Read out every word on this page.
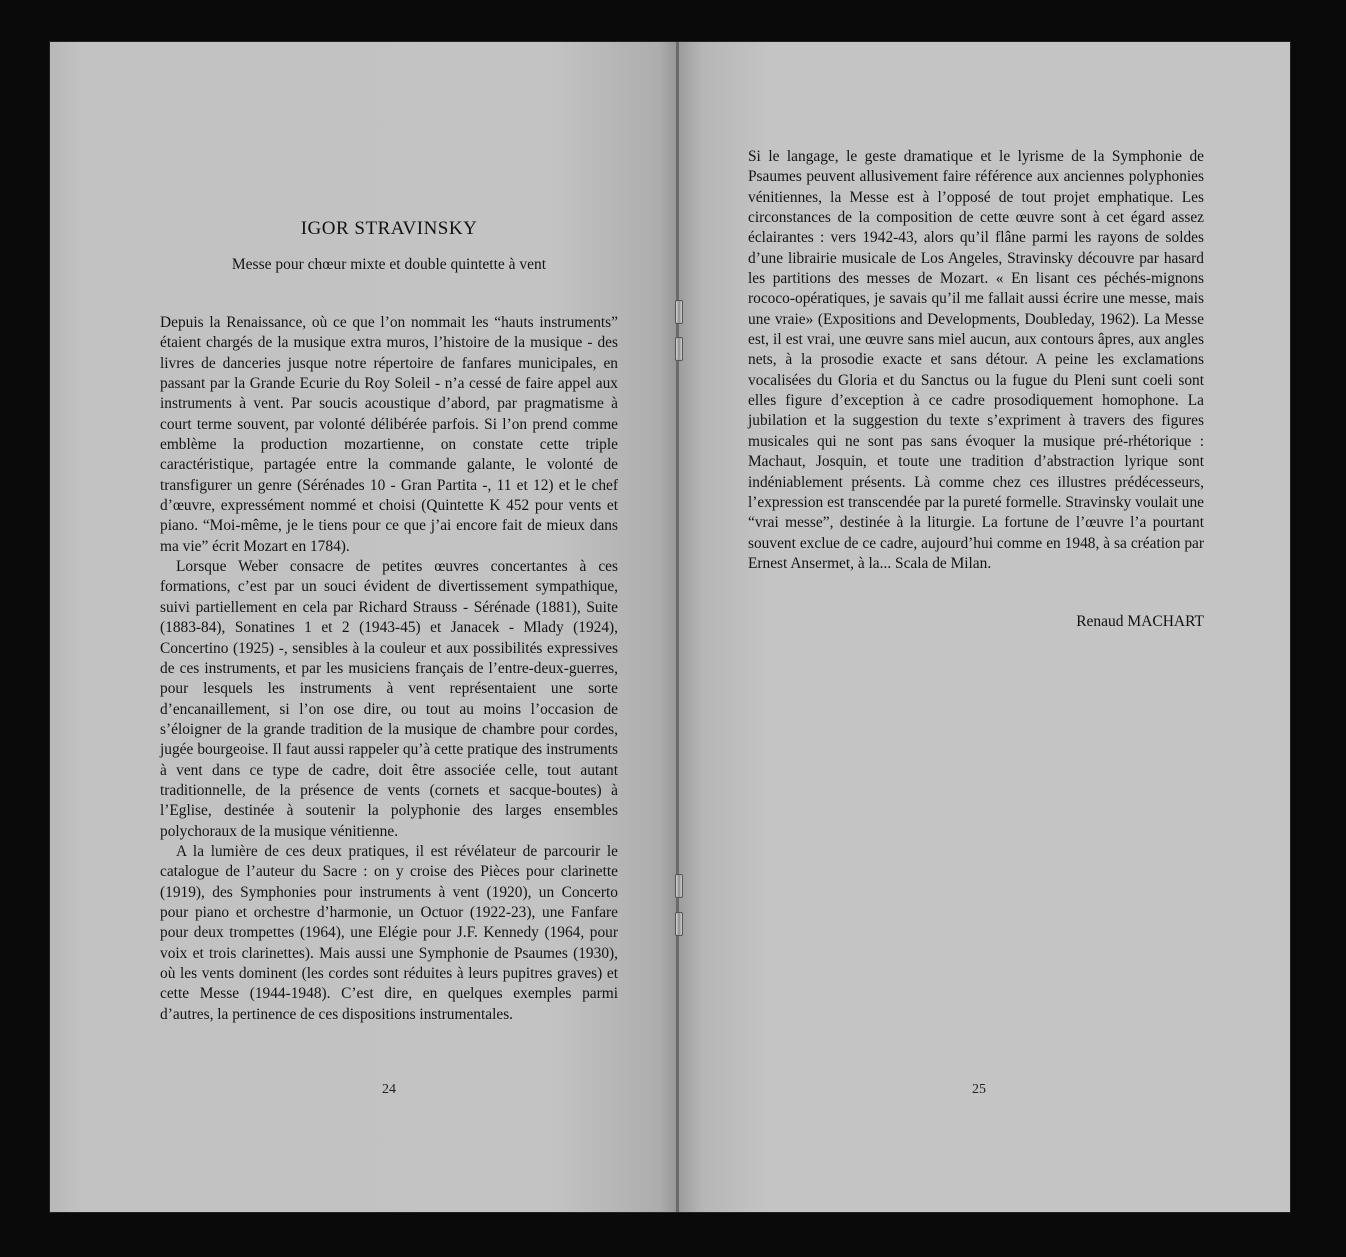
IGOR STRAVINSKY

Messe pour chœur mixte et double quintette à vent

Depuis la Renaissance, où ce que l’on nommait les “hauts instruments” étaient chargés de la musique extra muros, l’histoire de la musique - des livres de danceries jusque notre répertoire de fanfares municipales, en passant par la Grande Ecurie du Roy Soleil - n’a cessé de faire appel aux instruments à vent. Par soucis acoustique d’abord, par pragmatisme à court terme souvent, par volonté délibérée parfois. Si l’on prend comme emblème la production mozartienne, on constate cette triple caractéristique, partagée entre la commande galante, le volonté de transfigurer un genre (Sérénades 10 - Gran Partita -, 11 et 12) et le chef d’œuvre, expressément nommé et choisi (Quintette K 452 pour vents et piano. “Moi-même, je le tiens pour ce que j’ai encore fait de mieux dans ma vie” écrit Mozart en 1784).

Lorsque Weber consacre de petites œuvres concertantes à ces formations, c’est par un souci évident de divertissement sympathique, suivi partiellement en cela par Richard Strauss - Sérénade (1881), Suite (1883-84), Sonatines 1 et 2 (1943-45) et Janacek - Mlady (1924), Concertino (1925) -, sensibles à la couleur et aux possibilités expressives de ces instruments, et par les musiciens français de l’entre-deux-guerres, pour lesquels les instruments à vent représentaient une sorte d’encanaillement, si l’on ose dire, ou tout au moins l’occasion de s’éloigner de la grande tradition de la musique de chambre pour cordes, jugée bourgeoise. Il faut aussi rappeler qu’à cette pratique des instruments à vent dans ce type de cadre, doit être associée celle, tout autant traditionnelle, de la présence de vents (cornets et sacque-boutes) à l’Eglise, destinée à soutenir la polyphonie des larges ensembles polychoraux de la musique vénitienne.

A la lumière de ces deux pratiques, il est révélateur de parcourir le catalogue de l’auteur du Sacre : on y croise des Pièces pour clarinette (1919), des Symphonies pour instruments à vent (1920), un Concerto pour piano et orchestre d’harmonie, un Octuor (1922-23), une Fanfare pour deux trompettes (1964), une Elégie pour J.F. Kennedy (1964, pour voix et trois clarinettes). Mais aussi une Symphonie de Psaumes (1930), où les vents dominent (les cordes sont réduites à leurs pupitres graves) et cette Messe (1944-1948). C’est dire, en quelques exemples parmi d’autres, la pertinence de ces dispositions instrumentales.

24

Si le langage, le geste dramatique et le lyrisme de la Symphonie de Psaumes peuvent allusivement faire référence aux anciennes polyphonies vénitiennes, la Messe est à l’opposé de tout projet emphatique. Les circonstances de la composition de cette œuvre sont à cet égard assez éclairantes : vers 1942-43, alors qu’il flâne parmi les rayons de soldes d’une librairie musicale de Los Angeles, Stravinsky découvre par hasard les partitions des messes de Mozart. « En lisant ces péchés-mignons rococo-opératiques, je savais qu’il me fallait aussi écrire une messe, mais une vraie» (Expositions and Developments, Doubleday, 1962). La Messe est, il est vrai, une œuvre sans miel aucun, aux contours âpres, aux angles nets, à la prosodie exacte et sans détour. A peine les exclamations vocalisées du Gloria et du Sanctus ou la fugue du Pleni sunt coeli sont elles figure d’exception à ce cadre prosodiquement homophone. La jubilation et la suggestion du texte s’expriment à travers des figures musicales qui ne sont pas sans évoquer la musique pré-rhétorique : Machaut, Josquin, et toute une tradition d’abstraction lyrique sont indéniablement présents. Là comme chez ces illustres prédécesseurs, l’expression est transcendée par la pureté formelle. Stravinsky voulait une “vrai messe”, destinée à la liturgie. La fortune de l’œuvre l’a pourtant souvent exclue de ce cadre, aujourd’hui comme en 1948, à sa création par Ernest Ansermet, à la... Scala de Milan.

Renaud MACHART

25
